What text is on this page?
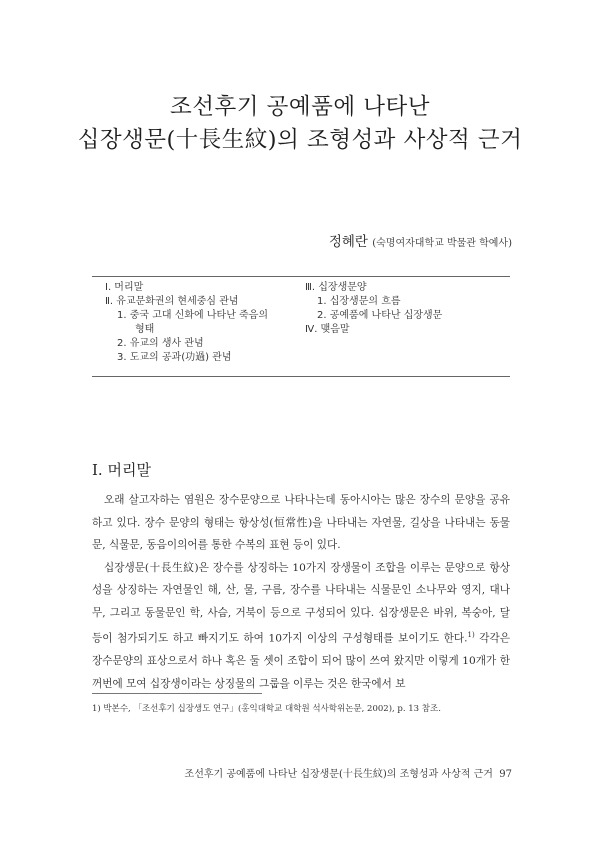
조선후기 공예품에 나타난
십장생문(十長生紋)의 조형성과 사상적 근거
정혜란 (숙명여자대학교 박물관 학예사)
Ⅰ. 머리말
Ⅱ. 유교문화권의 현세중심 관념
1. 중국 고대 신화에 나타난 죽음의
형태
2. 유교의 생사 관념
3. 도교의 공과(功過) 관념
Ⅲ. 십장생문양
1. 십장생문의 흐름
2. 공예품에 나타난 십장생문
Ⅳ. 맺음말
Ⅰ. 머리말

오래 살고자하는 염원은 장수문양으로 나타나는데 동아시아는 많은 장수의 문양을 공유하고 있다. 장수 문양의 형태는 항상성(恒常性)을 나타내는 자연물, 길상을 나타내는 동물문, 식물문, 동음이의어를 통한 수복의 표현 등이 있다.

십장생문(十長生紋)은 장수를 상징하는 10가지 장생물이 조합을 이루는 문양으로 항상성을 상징하는 자연물인 해, 산, 물, 구름, 장수를 나타내는 식물문인 소나무와 영지, 대나무, 그리고 동물문인 학, 사슴, 거북이 등으로 구성되어 있다. 십장생문은 바위, 복숭아, 달 등이 첨가되기도 하고 빠지기도 하여 10가지 이상의 구성형태를 보이기도 한다.$^{1)}$ 각각은 장수문양의 표상으로서 하나 혹은 둘 셋이 조합이 되어 많이 쓰여 왔지만 이렇게 10개가 한꺼번에 모여 십장생이라는 상징물의 그룹을 이루는 것은 한국에서 보

1) 박본수, 「조선후기 십장생도 연구」(홍익대학교 대학원 석사학위논문, 2002), p. 13 참조.
조선후기 공예품에 나타난 십장생문(十長生紋)의 조형성과 사상적 근거 97
